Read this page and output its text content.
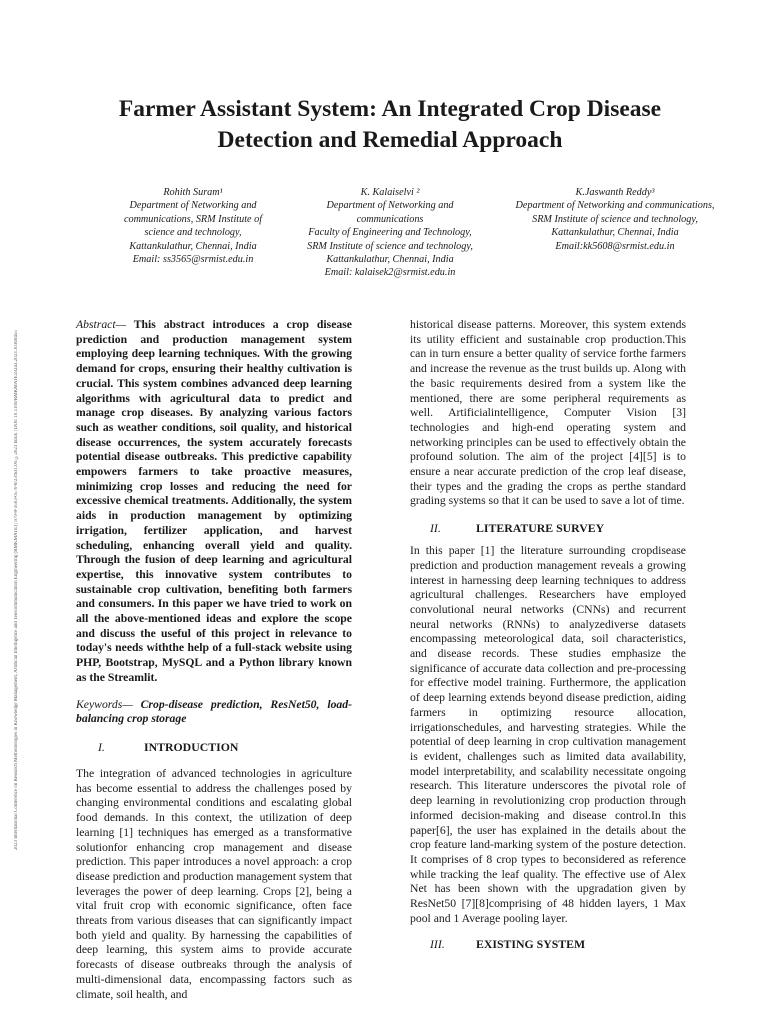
2023 International Conference on Research Methodologies in Knowledge Management, Artificial Intelligence and Telecommunication Engineering (RMKMATE) | 979-8-3503-0570-8/23/$31.00 ©2023 IEEE | DOI: 10.1109/RMKMATE59243.2023.10369455
Farmer Assistant System: An Integrated Crop Disease
Detection and Remedial Approach
Rohith Suram¹
Department of Networking and
communications, SRM Institute of
science and technology,
Kattankulathur, Chennai, India
Email: ss3565@srmist.edu.in
K. Kalaiselvi ²
Department of Networking and
communications
Faculty of Engineering and Technology,
SRM Institute of science and technology,
Kattankulathur, Chennai, India
Email: kalaisek2@srmist.edu.in
K.Jaswanth Reddy³
Department of Networking and communications,
SRM Institute of science and technology,
Kattankulathur, Chennai, India
Email:kk5608@srmist.edu.in

Abstract— This abstract introduces a crop disease prediction and production management system employing deep learning techniques. With the growing demand for crops, ensuring their healthy cultivation is crucial. This system combines advanced deep learning algorithms with agricultural data to predict and manage crop diseases. By analyzing various factors such as weather conditions, soil quality, and historical disease occurrences, the system accurately forecasts potential disease outbreaks. This predictive capability empowers farmers to take proactive measures, minimizing crop losses and reducing the need for excessive chemical treatments. Additionally, the system aids in production management by optimizing irrigation, fertilizer application, and harvest scheduling, enhancing overall yield and quality. Through the fusion of deep learning and agricultural expertise, this innovative system contributes to sustainable crop cultivation, benefiting both farmers and consumers. In this paper we have tried to work on all the above-mentioned ideas and explore the scope and discuss the useful of this project in relevance to today's needs withthe help of a full-stack website using PHP, Bootstrap, MySQL and a Python library known as the Streamlit.

Keywords— Crop-disease prediction, ResNet50, load-balancing crop storage

I.	INTRODUCTION

The integration of advanced technologies in agriculture has become essential to address the challenges posed by changing environmental conditions and escalating global food demands. In this context, the utilization of deep learning [1] techniques has emerged as a transformative solutionfor enhancing crop management and disease prediction. This paper introduces a novel approach: a crop disease prediction and production management system that leverages the power of deep learning. Crops [2], being a vital fruit crop with economic significance, often face threats from various diseases that can significantly impact both yield and quality. By harnessing the capabilities of deep learning, this system aims to provide accurate forecasts of disease outbreaks through the analysis of multi-dimensional data, encompassing factors such as climate, soil health, and

historical disease patterns. Moreover, this system extends its utility efficient and sustainable crop production.This can in turn ensure a better quality of service forthe farmers and increase the revenue as the trust builds up. Along with the basic requirements desired from a system like the mentioned, there are some peripheral requirements as well. Artificialintelligence, Computer Vision [3] technologies and high-end operating system and networking principles can be used to effectively obtain the profound solution. The aim of the project [4][5] is to ensure a near accurate prediction of the crop leaf disease, their types and the grading the crops as perthe standard grading systems so that it can be used to save a lot of time.

II.	LITERATURE SURVEY

In this paper [1] the literature surrounding cropdisease prediction and production management reveals a growing interest in harnessing deep learning techniques to address agricultural challenges. Researchers have employed convolutional neural networks (CNNs) and recurrent neural networks (RNNs) to analyzediverse datasets encompassing meteorological data, soil characteristics, and disease records. These studies emphasize the significance of accurate data collection and pre-processing for effective model training. Furthermore, the application of deep learning extends beyond disease prediction, aiding farmers in optimizing resource allocation, irrigationschedules, and harvesting strategies. While the potential of deep learning in crop cultivation management is evident, challenges such as limited data availability, model interpretability, and scalability necessitate ongoing research. This literature underscores the pivotal role of deep learning in revolutionizing crop production through informed decision-making and disease control.In this paper[6], the user has explained in the details about the crop feature land-marking system of the posture detection. It comprises of 8 crop types to beconsidered as reference while tracking the leaf quality. The effective use of Alex Net has been shown with the upgradation given by ResNet50 [7][8]comprising of 48 hidden layers, 1 Max pool and 1 Average pooling layer.

III.	EXISTING SYSTEM
